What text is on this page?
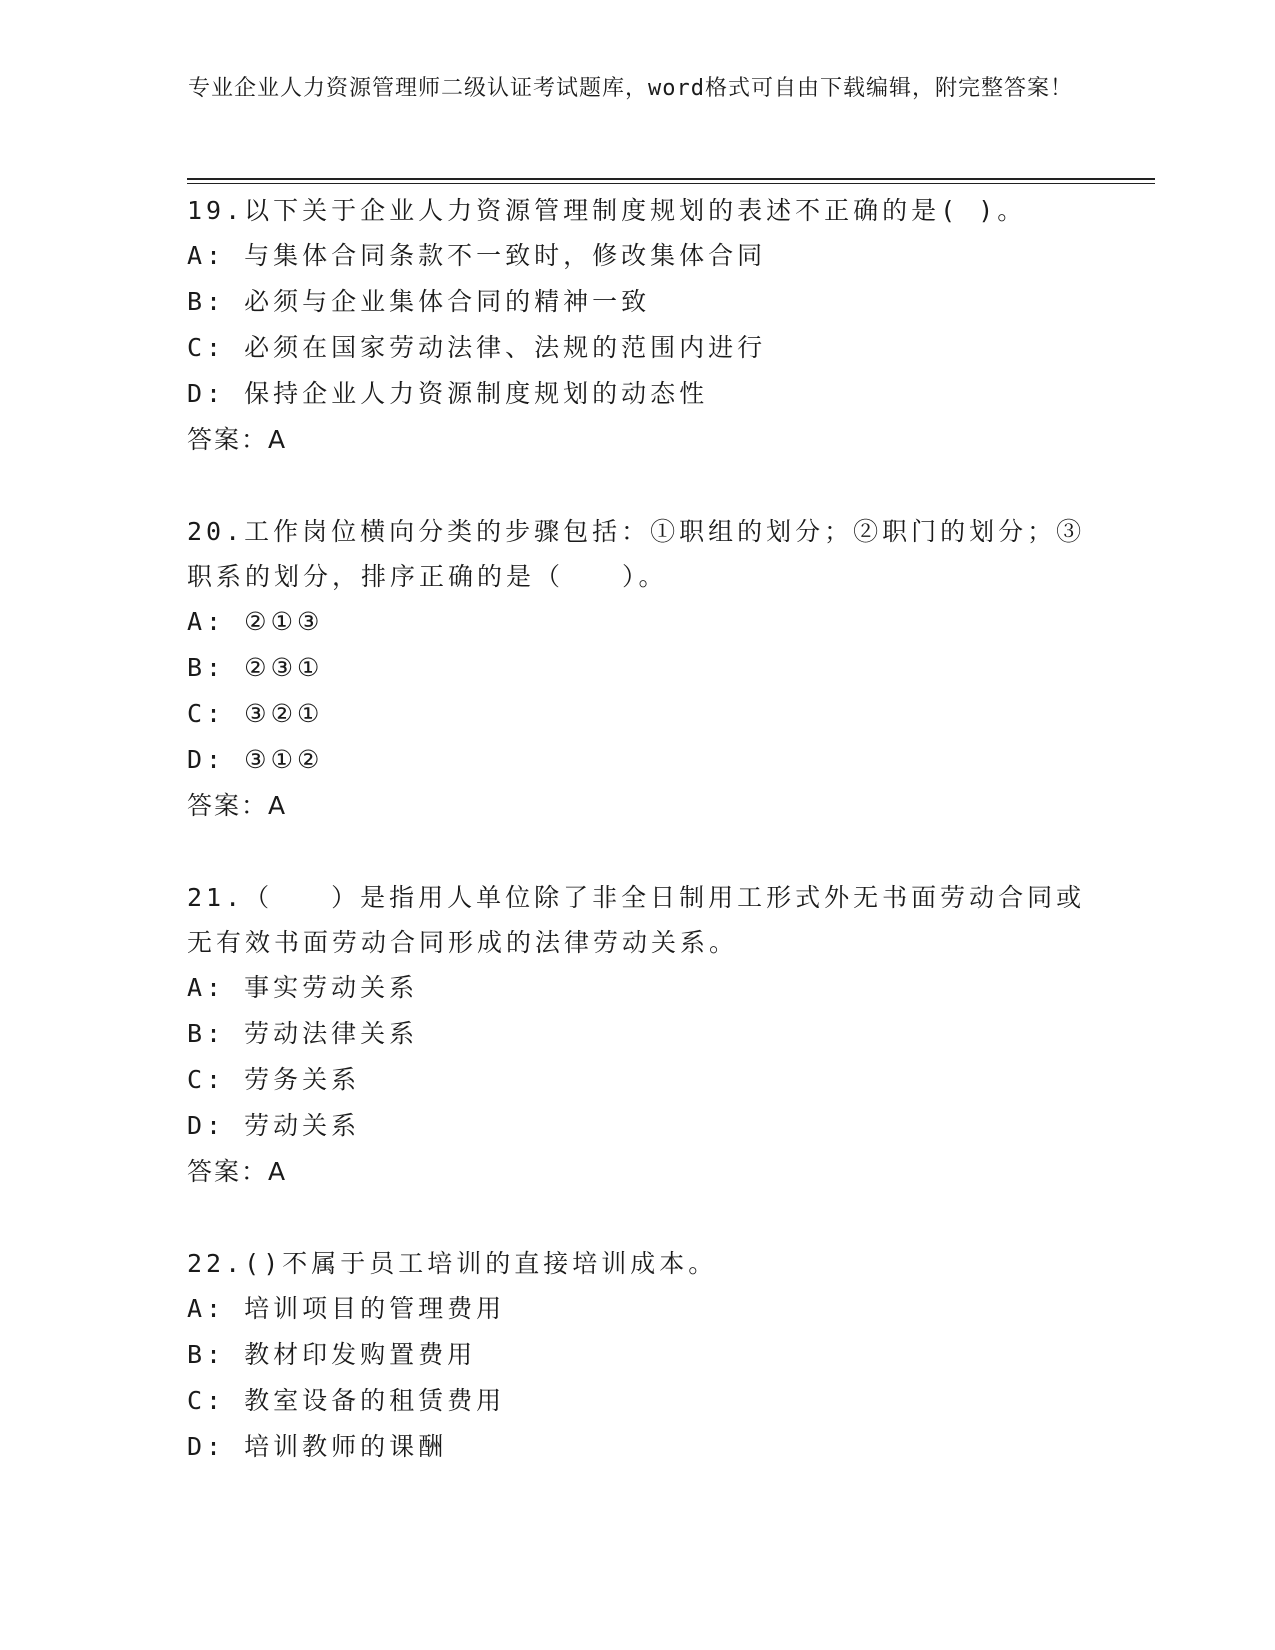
专业企业人力资源管理师二级认证考试题库，word格式可自由下载编辑，附完整答案！
19.以下关于企业人力资源管理制度规划的表述不正确的是( )。
A: 与集体合同条款不一致时，修改集体合同
B: 必须与企业集体合同的精神一致
C: 必须在国家劳动法律、法规的范围内进行
D: 保持企业人力资源制度规划的动态性
答案：A
20.工作岗位横向分类的步骤包括：①职组的划分；②职门的划分；③职系的划分，排序正确的是（　　）。
A: ②①③
B: ②③①
C: ③②①
D: ③①②
答案：A
21.（　　）是指用人单位除了非全日制用工形式外无书面劳动合同或无有效书面劳动合同形成的法律劳动关系。
A: 事实劳动关系
B: 劳动法律关系
C: 劳务关系
D: 劳动关系
答案：A
22.()不属于员工培训的直接培训成本。
A: 培训项目的管理费用
B: 教材印发购置费用
C: 教室设备的租赁费用
D: 培训教师的课酬
